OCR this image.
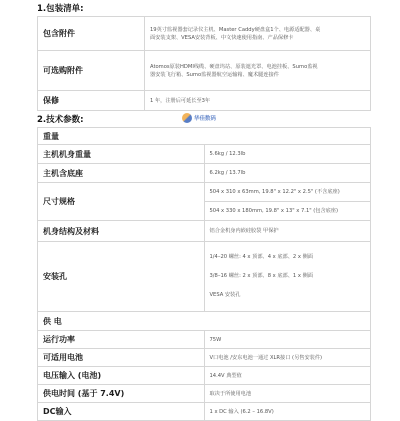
1.包装清单:
包含附件	19英寸监视器套记录仪主机、Master Caddy硬盘盒1个、电源适配器、桌
面安装支架、VESA安装背板、中文快速使用指南、产品保修卡

可选购附件	Atomos原装HDMI线缆、硬盘坞站、原装遮光罩、电池挂板、Sumo监视
器安装飞行箱、Sumo监视器航空运输箱、魔术腿连接件

保修	1 年，注册后可延长至3年
2.技术参数:	华佳数码
重量	
主机机身重量	5.6kg / 12.3lb
主机含底座	6.2kg / 13.7lb
尺寸规格	504 x 310 x 63mm, 19.8" x 12.2" x 2.5" (不含底座)
	504 x 330 x 180mm, 19.8" x 13" x 7.1" (包含底座)
机身结构及材料	铝合金机身内嵌硅胶袋 甲保护
安装孔	1/4–20 螺丝: 4 x 顶部、4 x 底部、2 x 侧面
3/8–16 螺丝: 2 x 顶部、8 x 底部、1 x 侧面
VESA 安装孔

供 电	
运行功率	75W
可适用电池	V口电池 /安东电池一通过 XLR接口 (另售安装件)
电压输入 (电池)	14.4V 典型值
供电时间 (基于 7.4V)	取决于所使用电池
DC输入	1 x DC 输入 (6.2 – 16.8V)
